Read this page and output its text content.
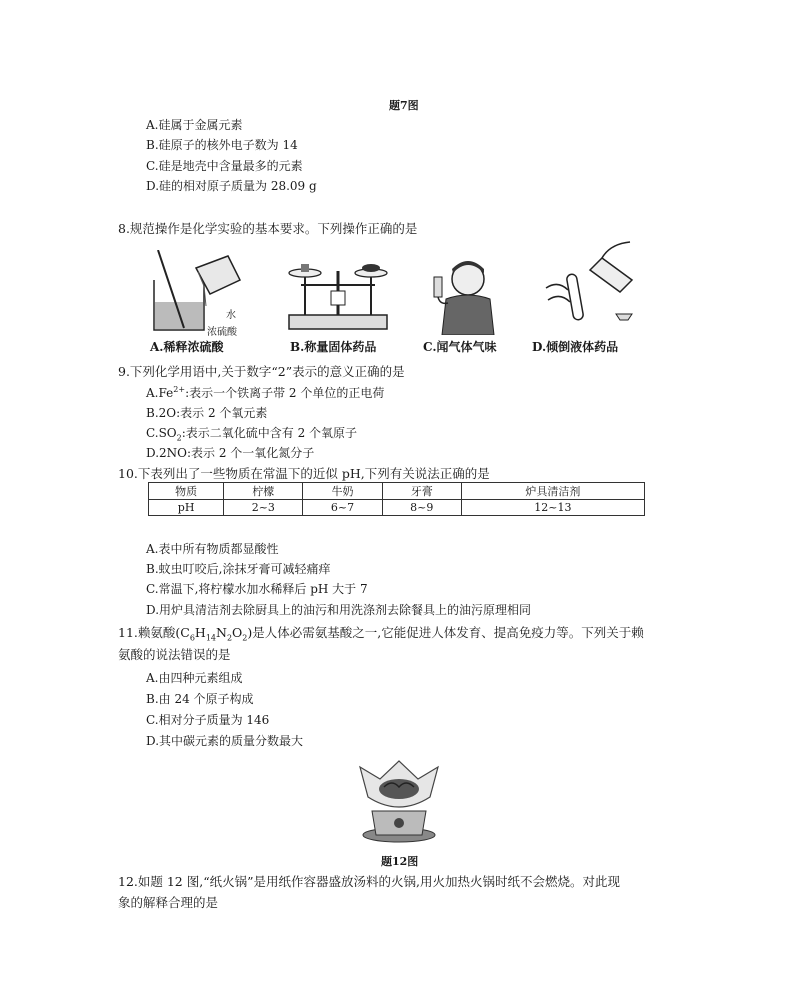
题7图
A.硅属于金属元素
B.硅原子的核外电子数为 14
C.硅是地壳中含量最多的元素
D.硅的相对原子质量为 28.09 g
8.规范操作是化学实验的基本要求。下列操作正确的是
水
浓硫酸
A.稀释浓硫酸	B.称量固体药品	C.闻气体气味	D.倾倒液体药品
9.下列化学用语中,关于数字“2”表示的意义正确的是
$A.Fe^{2+}$:表示一个铁离子带 2 个单位的正电荷
B.2O:表示 2 个氧元素
$C.SO_2$:表示二氧化硫中含有 2 个氧原子
D.2NO:表示 2 个一氧化氮分子
10.下表列出了一些物质在常温下的近似 pH,下列有关说法正确的是
物质	柠檬	牛奶	牙膏	炉具清洁剂
pH	2~3	6~7	8~9	12~13
A.表中所有物质都显酸性
B.蚊虫叮咬后,涂抹牙膏可减轻痛痒
C.常温下,将柠檬水加水稀释后 pH 大于 7
D.用炉具清洁剂去除厨具上的油污和用洗涤剂去除餐具上的油污原理相同
11.赖氨酸$(C_6H_{14}N_2O_2)$是人体必需氨基酸之一,它能促进人体发育、提高免疫力等。下列关于赖
氨酸的说法错误的是
A.由四种元素组成
B.由 24 个原子构成
C.相对分子质量为 146
D.其中碳元素的质量分数最大
题12图
12.如题 12 图,“纸火锅”是用纸作容器盛放汤料的火锅,用火加热火锅时纸不会燃烧。对此现
象的解释合理的是
